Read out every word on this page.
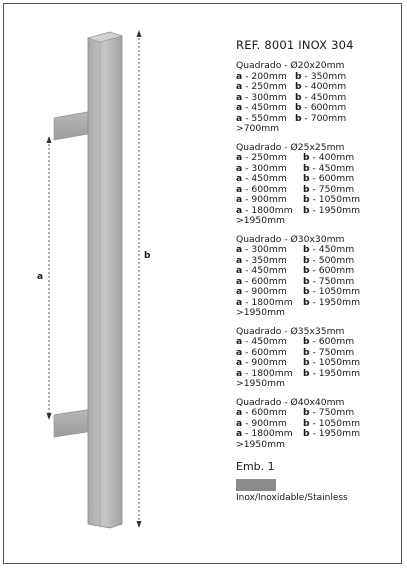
a
b
REF. 8001 INOX 304
Quadrado - Ø20x20mm
a - 200mm b - 350mm
a - 250mm b - 400mm
a - 300mm b - 450mm
a - 450mm b - 600mm
a - 550mm b - 700mm
>700mm
Quadrado - Ø25x25mm
a - 250mm b - 400mm
a - 300mm b - 450mm
a - 450mm b - 600mm
a - 600mm b - 750mm
a - 900mm b - 1050mm
a - 1800mm b - 1950mm
>1950mm
Quadrado - Ø30x30mm
a - 300mm b - 450mm
a - 350mm b - 500mm
a - 450mm b - 600mm
a - 600mm b - 750mm
a - 900mm b - 1050mm
a - 1800mm b - 1950mm
>1950mm
Quadrado - Ø35x35mm
a - 450mm b - 600mm
a - 600mm b - 750mm
a - 900mm b - 1050mm
a - 1800mm b - 1950mm
>1950mm
Quadrado - Ø40x40mm
a - 600mm b - 750mm
a - 900mm b - 1050mm
a - 1800mm b - 1950mm
>1950mm
Emb. 1
Inox/Inoxidable/Stainless
